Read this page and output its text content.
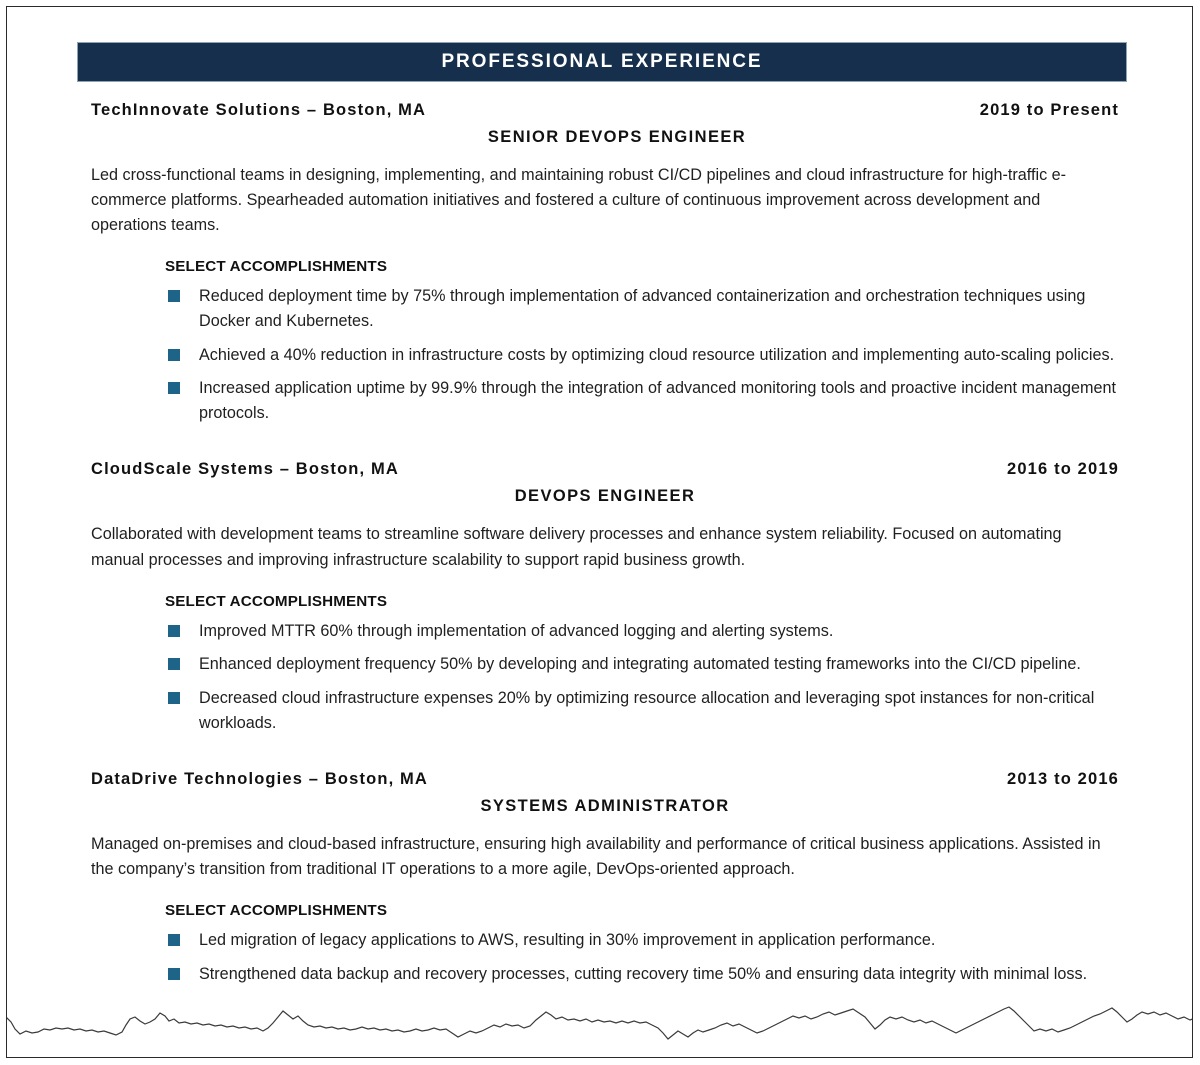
PROFESSIONAL EXPERIENCE
TechInnovate Solutions – Boston, MA	2019 to Present
SENIOR DEVOPS ENGINEER
Led cross-functional teams in designing, implementing, and maintaining robust CI/CD pipelines and cloud infrastructure for high-traffic e-commerce platforms. Spearheaded automation initiatives and fostered a culture of continuous improvement across development and operations teams.
SELECT ACCOMPLISHMENTS
Reduced deployment time by 75% through implementation of advanced containerization and orchestration techniques using Docker and Kubernetes.
Achieved a 40% reduction in infrastructure costs by optimizing cloud resource utilization and implementing auto-scaling policies.
Increased application uptime by 99.9% through the integration of advanced monitoring tools and proactive incident management protocols.
CloudScale Systems – Boston, MA	2016 to 2019
DEVOPS ENGINEER
Collaborated with development teams to streamline software delivery processes and enhance system reliability. Focused on automating manual processes and improving infrastructure scalability to support rapid business growth.
SELECT ACCOMPLISHMENTS
Improved MTTR 60% through implementation of advanced logging and alerting systems.
Enhanced deployment frequency 50% by developing and integrating automated testing frameworks into the CI/CD pipeline.
Decreased cloud infrastructure expenses 20% by optimizing resource allocation and leveraging spot instances for non-critical workloads.
DataDrive Technologies – Boston, MA	2013 to 2016
SYSTEMS ADMINISTRATOR
Managed on-premises and cloud-based infrastructure, ensuring high availability and performance of critical business applications. Assisted in the company’s transition from traditional IT operations to a more agile, DevOps-oriented approach.
SELECT ACCOMPLISHMENTS
Led migration of legacy applications to AWS, resulting in 30% improvement in application performance.
Strengthened data backup and recovery processes, cutting recovery time 50% and ensuring data integrity with minimal loss.
